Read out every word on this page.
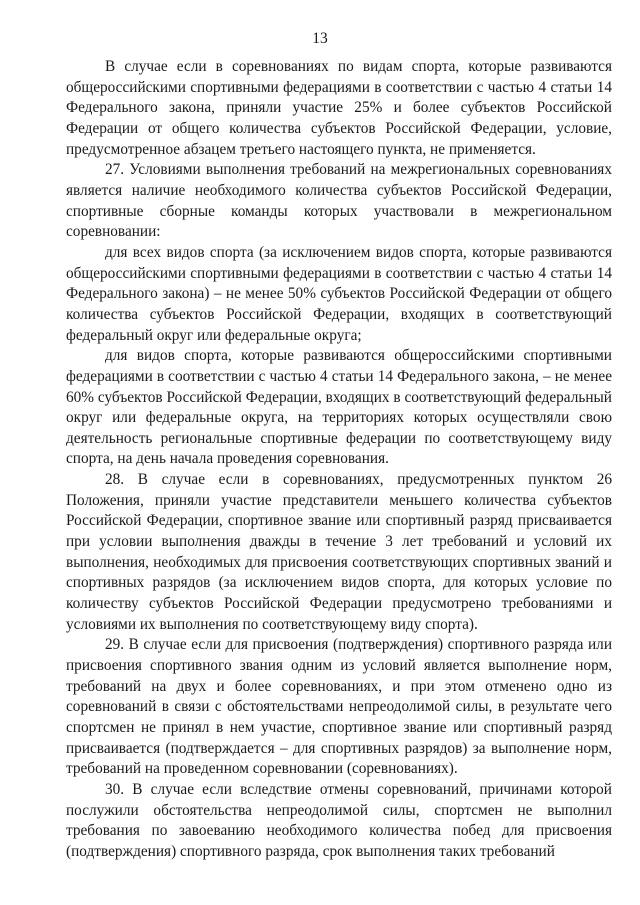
13

В случае если в соревнованиях по видам спорта, которые развиваются общероссийскими спортивными федерациями в соответствии с частью 4 статьи 14 Федерального закона, приняли участие 25% и более субъектов Российской Федерации от общего количества субъектов Российской Федерации, условие, предусмотренное абзацем третьего настоящего пункта, не применяется.

27. Условиями выполнения требований на межрегиональных соревнованиях является наличие необходимого количества субъектов Российской Федерации, спортивные сборные команды которых участвовали в межрегиональном соревновании:

для всех видов спорта (за исключением видов спорта, которые развиваются общероссийскими спортивными федерациями в соответствии с частью 4 статьи 14 Федерального закона) – не менее 50% субъектов Российской Федерации от общего количества субъектов Российской Федерации, входящих в соответствующий федеральный округ или федеральные округа;

для видов спорта, которые развиваются общероссийскими спортивными федерациями в соответствии с частью 4 статьи 14 Федерального закона, – не менее 60% субъектов Российской Федерации, входящих в соответствующий федеральный округ или федеральные округа, на территориях которых осуществляли свою деятельность региональные спортивные федерации по соответствующему виду спорта, на день начала проведения соревнования.

28. В случае если в соревнованиях, предусмотренных пунктом 26 Положения, приняли участие представители меньшего количества субъектов Российской Федерации, спортивное звание или спортивный разряд присваивается при условии выполнения дважды в течение 3 лет требований и условий их выполнения, необходимых для присвоения соответствующих спортивных званий и спортивных разрядов (за исключением видов спорта, для которых условие по количеству субъектов Российской Федерации предусмотрено требованиями и условиями их выполнения по соответствующему виду спорта).

29. В случае если для присвоения (подтверждения) спортивного разряда или присвоения спортивного звания одним из условий является выполнение норм, требований на двух и более соревнованиях, и при этом отменено одно из соревнований в связи с обстоятельствами непреодолимой силы, в результате чего спортсмен не принял в нем участие, спортивное звание или спортивный разряд присваивается (подтверждается – для спортивных разрядов) за выполнение норм, требований на проведенном соревновании (соревнованиях).

30. В случае если вследствие отмены соревнований, причинами которой послужили обстоятельства непреодолимой силы, спортсмен не выполнил требования по завоеванию необходимого количества побед для присвоения (подтверждения) спортивного разряда, срок выполнения таких требований
